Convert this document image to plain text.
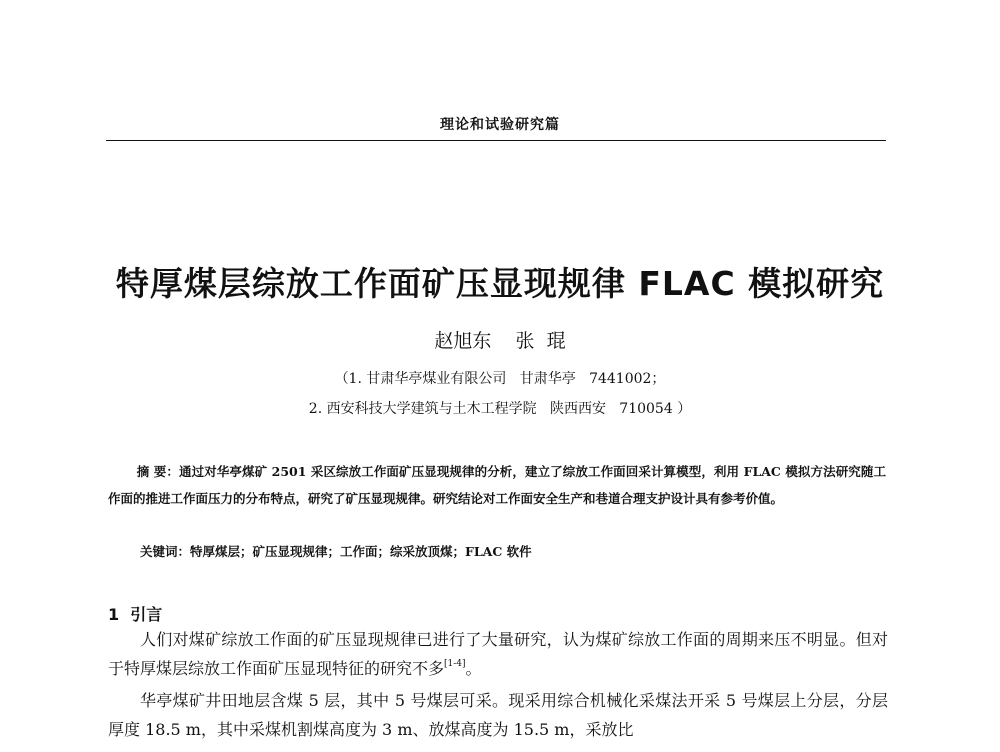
理论和试验研究篇
特厚煤层综放工作面矿压显现规律 FLAC 模拟研究
赵旭东    张  琨
（1. 甘肃华亭煤业有限公司   甘肃华亭   7441002；
2. 西安科技大学建筑与土木工程学院   陕西西安   710054 ）
摘 要：通过对华亭煤矿 2501 采区综放工作面矿压显现规律的分析，建立了综放工作面回采计算模型，利用 FLAC 模拟方法研究随工作面的推进工作面压力的分布特点，研究了矿压显现规律。研究结论对工作面安全生产和巷道合理支护设计具有参考价值。
关键词：特厚煤层；矿压显现规律；工作面；综采放顶煤；FLAC 软件
1  引言
人们对煤矿综放工作面的矿压显现规律已进行了大量研究，认为煤矿综放工作面的周期来压不明显。但对于特厚煤层综放工作面矿压显现特征的研究不多[1-4]。
华亭煤矿井田地层含煤 5 层，其中 5 号煤层可采。现采用综合机械化采煤法开采 5 号煤层上分层，分层厚度 18.5 m，其中采煤机割煤高度为 3 m、放煤高度为 15.5 m，采放比
